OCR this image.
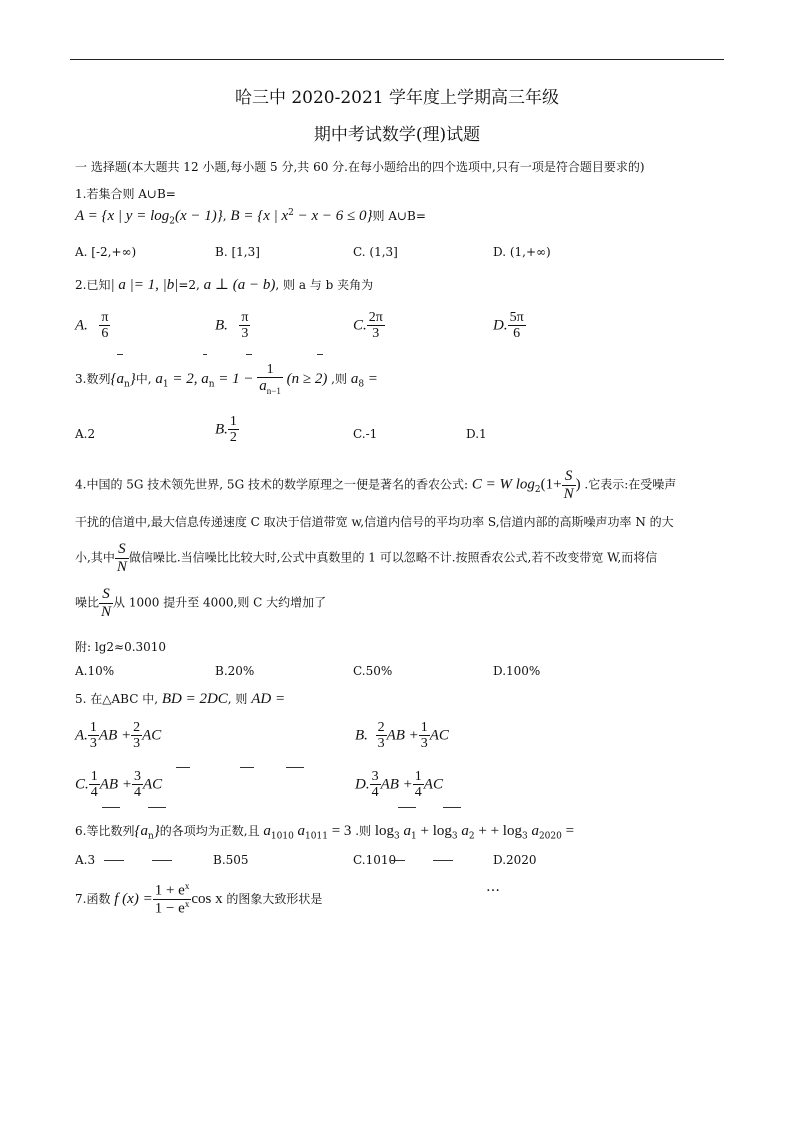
哈三中 2020-2021 学年度上学期高三年级
期中考试数学(理)试题
一 选择题(本大题共 12 小题,每小题 5 分,共 60 分.在每小题给出的四个选项中,只有一项是符合题目要求的)
1.若集合则 A∪B=
A = {x | $y = \log_2(x - 1)$}, B = {x | $x^2 - x - 6 \le 0$}则 A∪B=
A. [-2,+∞)	B. [1,3]	C. (1,3]	D. (1,+∞)
2.已知| a |= 1, |b|=2, a ⊥ (a − b), 则 a 与 b 夹角为
A. $\frac{\pi}{6}$	B. $\frac{\pi}{3}$	C. $\frac{2\pi}{3}$	D. $\frac{5\pi}{6}$
3.数列$\{a_n\}$中, $a_1 = 2$, $a_n = 1 - \frac{1}{a_{n-1}} (n \ge 2)$ ,则 $a_8$ =
A.2	B. $\frac{1}{2}$	C.-1	D.1
4.中国的 5G 技术领先世界, 5G 技术的数学原理之一便是著名的香农公式: C = W $\log_2(1+ \frac{S}{N}$ ) .它表示:在受噪声
干扰的信道中,最大信息传递速度 C 取决于信道带宽 w,信道内信号的平均功率 S,信道内部的高斯噪声功率 N 的大
小,其中 $\frac{S}{N}$ 做信噪比.当信噪比比较大时,公式中真数里的 1 可以忽略不计.按照香农公式,若不改变带宽 W,而将信
噪比 $\frac{S}{N}$ 从 1000 提升至 4000,则 C 大约增加了
附: lg2≈0.3010
A.10%	B.20%	C.50%	D.100%
5. 在△ABC 中, BD = 2DC, 则 AD =
A. $\frac{1}{3}$ AB + $\frac{2}{3}$ AC	B. $\frac{2}{3}$ AB + $\frac{1}{3}$ AC
C. $\frac{1}{4}$ AB + $\frac{3}{4}$ AC	D. $\frac{3}{4}$ AB + $\frac{1}{4}$ AC
6.等比数列$\{a_n\}$的各项均为正数,且 $a_{1010}$ $a_{1011} = 3$ .则 $\log_3 a_1 + \log_3 a_2$ + + $\log_3 a_{2020}$ =
A.3	B.505	C.1010	D.2020
…
7.函数 f $(x) = \frac{1 + e^x}{1 - e^x}$ cos x 的图象大致形状是
